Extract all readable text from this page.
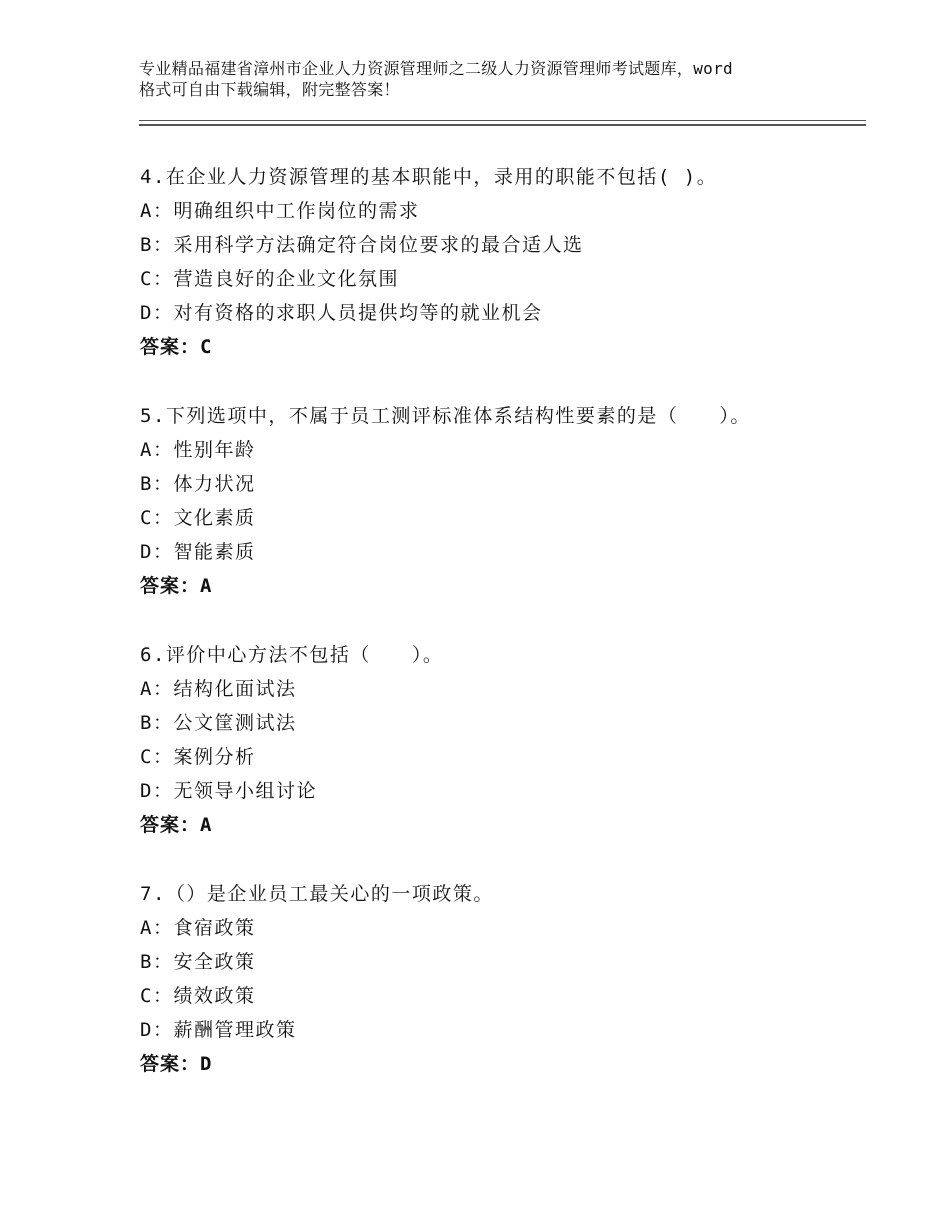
专业精品福建省漳州市企业人力资源管理师之二级人力资源管理师考试题库，word
格式可自由下载编辑，附完整答案！
4.在企业人力资源管理的基本职能中，录用的职能不包括( )。
A：明确组织中工作岗位的需求
B：采用科学方法确定符合岗位要求的最合适人选
C：营造良好的企业文化氛围
D：对有资格的求职人员提供均等的就业机会
答案：C
5.下列选项中，不属于员工测评标准体系结构性要素的是（　　）。
A：性别年龄
B：体力状况
C：文化素质
D：智能素质
答案：A
6.评价中心方法不包括（　　）。
A：结构化面试法
B：公文筐测试法
C：案例分析
D：无领导小组讨论
答案：A
7.（）是企业员工最关心的一项政策。
A：食宿政策
B：安全政策
C：绩效政策
D：薪酬管理政策
答案：D
